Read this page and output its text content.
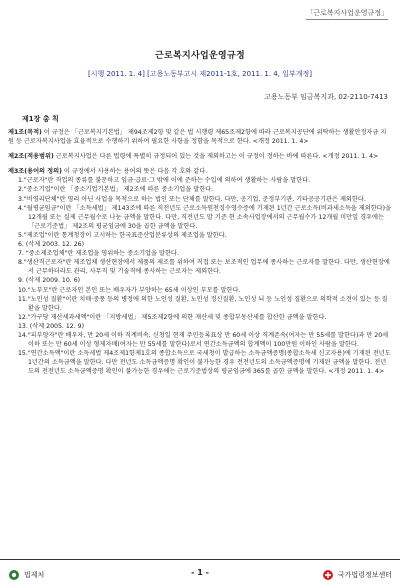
「근로복지사업운영규정」
근로복지사업운영규정
[시행 2011. 1. 4] [고용노동부고시 제2011-1호, 2011. 1. 4, 일부개정]
고용노동부 임금복지과, 02-2110-7413
제1장 총 칙
제1조(목적) 이 규정은 「근로복지기본법」 제94조제2항 및 같은 법 시행령 제65조제2항에 따라 근로복지공단에 위탁하는 생활안정자금 지원 등 근로자복지사업을 효율적으로 수행하기 위하여 필요한 사항을 정함을 목적으로 한다. <개정 2011. 1. 4>
제2조(적용범위) 근로복지사업은 다른 법령에 특별히 규정되어 있는 것을 제외하고는 이 규정이 정하는 바에 따른다. <개정 2011. 1. 4>
제3조(용어의 정의) 이 규정에서 사용하는 용어의 뜻은 다음 각 호와 같다.
1."근로자"란 직업의 종류를 불문하고 임금·급료·그 밖에 이에 준하는 수입에 의하여 생활하는 사람을 말한다.
2."중소기업"이란 「중소기업기본법」 제2조에 따른 중소기업을 말한다.
3."비영리단체"란 영리 아닌 사업을 목적으로 하는 법인 또는 단체를 말한다. 다만, 공기업, 준정부기관, 기타공공기관은 제외한다.
4."월평균임금"이란 「소득세법」 제143조에 따른 직전년도 근로소득원천징수영수증에 기재된 1년간 근로소득(비과세소득을 제외한다)을 12개월 또는 실제 근무월수로 나눈 금액을 말한다. 다만, 직전년도 말 기준 현 소속사업장에서의 근무월수가 12개월 미만일 경우에는 「근로기준법」 제2조의 평균임금에 30을 곱한 금액을 말한다.
5."제조업"이란 통계청장이 고시하는 한국표준산업분류상의 제조업을 말한다.
6. (삭제 2003. 12. 26)
7. "중소제조업체"란 제조업을 영위하는 중소기업을 말한다.
8."생산직근로자"란 제조업체 생산현장에서 제품의 제조를 위하여 직접 또는 보조적인 업무에 종사하는 근로자를 말한다. 다만, 생산현장에서 근무하더라도 관리, 사무직 및 기술직에 종사하는 근로자는 제외한다.
9. (삭제 2009. 10. 6)
10."노부모"란 근로자인 본인 또는 배우자가 부양하는 65세 이상인 부모를 말한다.
11."노인성 질환"이란 치매·중풍 등의 병정에 의한 노인성 질환, 노인성 정신질환, 노인성 뇌 등 노인성 질환으로 의학적 소견이 있는 등 질환을 말한다.
12."가구당 재산세과세액"이란 「지방세법」 제5조제2항에 의한 재산세 및 종합부동산세를 합산한 금액을 말한다.
13. (삭제 2005. 12. 9)
14."피부양자"란 배우자, 만 20세 이하 직계비속, 신청일 현재 주민등록표상 만 60세 이상 직계존속(여자는 만 55세를 말한다)과 만 20세 이하 또는 만 60세 이상 형제자매(여자는 만 55세를 말한다)로서 연간소득금액의 합계액이 100만원 이하인 사람을 말한다.
15."연간소득액"이란 소득세법 제4조제1항제1호의 종합소득으로 국세청이 발급하는 소득금액증명(종합소득세 신고자용)에 기재된 전년도 1년간의 소득금액을 말한다. 다만 전년도 소득금액증명 확인이 불가능한 경우 전전년도의 소득금액증명에 기재된 금액을 말한다. 전년도의 전전년도 소득금액증명 확인이 불가능한 경우에는 근로기준법상의 평균임금에 365를 곱한 금액을 말한다. <개정 2011. 1. 4>
법제처	- 1 -	국가법령정보센터
